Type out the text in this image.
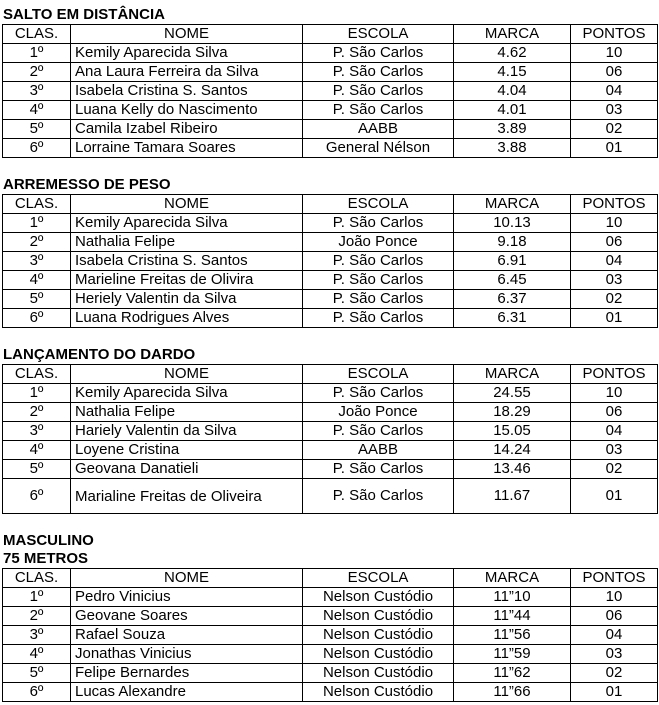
SALTO EM DISTÂNCIA
CLAS.	NOME	ESCOLA	MARCA	PONTOS
1º	Kemily Aparecida Silva	P. São Carlos	4.62	10
2º	Ana Laura Ferreira da Silva	P. São Carlos	4.15	06
3º	Isabela Cristina S. Santos	P. São Carlos	4.04	04
4º	Luana Kelly do Nascimento	P. São Carlos	4.01	03
5º	Camila Izabel Ribeiro	AABB	3.89	02
6º	Lorraine Tamara Soares	General Nélson	3.88	01
ARREMESSO DE PESO
CLAS.	NOME	ESCOLA	MARCA	PONTOS
1º	Kemily Aparecida Silva	P. São Carlos	10.13	10
2º	Nathalia Felipe	João Ponce	9.18	06
3º	Isabela Cristina S. Santos	P. São Carlos	6.91	04
4º	Marieline Freitas de Olivira	P. São Carlos	6.45	03
5º	Heriely Valentin da Silva	P. São Carlos	6.37	02
6º	Luana Rodrigues Alves	P. São Carlos	6.31	01
LANÇAMENTO DO DARDO
CLAS.	NOME	ESCOLA	MARCA	PONTOS
1º	Kemily Aparecida Silva	P. São Carlos	24.55	10
2º	Nathalia Felipe	João Ponce	18.29	06
3º	Hariely Valentin da Silva	P. São Carlos	15.05	04
4º	Loyene Cristina	AABB	14.24	03
5º	Geovana Danatieli	P. São Carlos	13.46	02
6º	Marialine Freitas de Oliveira	P. São Carlos	11.67	01
MASCULINO
75 METROS
CLAS.	NOME	ESCOLA	MARCA	PONTOS
1º	Pedro Vinicius	Nelson Custódio	11”10	10
2º	Geovane Soares	Nelson Custódio	11”44	06
3º	Rafael Souza	Nelson Custódio	11”56	04
4º	Jonathas Vinicius	Nelson Custódio	11”59	03
5º	Felipe Bernardes	Nelson Custódio	11”62	02
6º	Lucas Alexandre	Nelson Custódio	11”66	01
